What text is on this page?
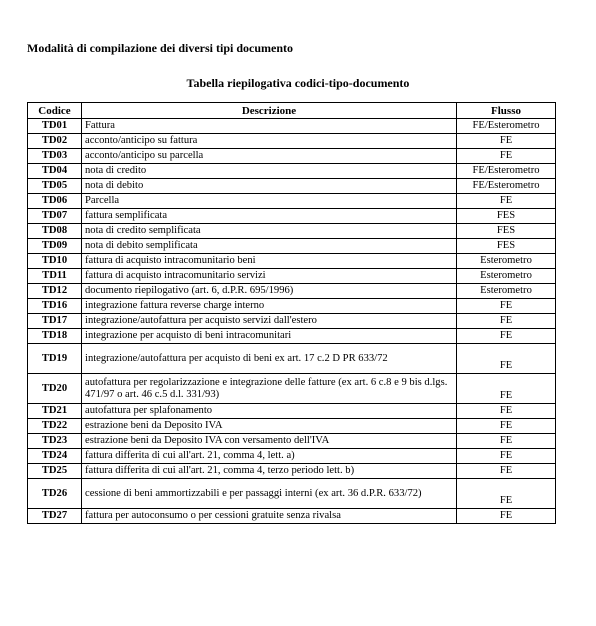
Modalità di compilazione dei diversi tipi documento

Tabella riepilogativa codici-tipo-documento

Codice	Descrizione	Flusso
TD01	Fattura	FE/Esterometro
TD02	acconto/anticipo su fattura	FE
TD03	acconto/anticipo su parcella	FE
TD04	nota di credito	FE/Esterometro
TD05	nota di debito	FE/Esterometro
TD06	Parcella	FE
TD07	fattura semplificata	FES
TD08	nota di credito semplificata	FES
TD09	nota di debito semplificata	FES
TD10	fattura di acquisto intracomunitario beni	Esterometro
TD11	fattura di acquisto intracomunitario servizi	Esterometro
TD12	documento riepilogativo (art. 6, d.P.R. 695/1996)	Esterometro
TD16	integrazione fattura reverse charge interno	FE
TD17	integrazione/autofattura per acquisto servizi dall'estero	FE
TD18	integrazione per acquisto di beni intracomunitari	FE
TD19	integrazione/autofattura per acquisto di beni ex art. 17 c.2 D PR 633/72	FE
TD20	autofattura per regolarizzazione e integrazione delle fatture (ex art. 6 c.8 e 9 bis d.lgs. 471/97 o art. 46 c.5 d.l. 331/93)	FE
TD21	autofattura per splafonamento	FE
TD22	estrazione beni da Deposito IVA	FE
TD23	estrazione beni da Deposito IVA con versamento dell'IVA	FE
TD24	fattura differita di cui all'art. 21, comma 4, lett. a)	FE
TD25	fattura differita di cui all'art. 21, comma 4, terzo periodo lett. b)	FE
TD26	cessione di beni ammortizzabili e per passaggi interni (ex art. 36 d.P.R. 633/72)	FE
TD27	fattura per autoconsumo o per cessioni gratuite senza rivalsa	FE
